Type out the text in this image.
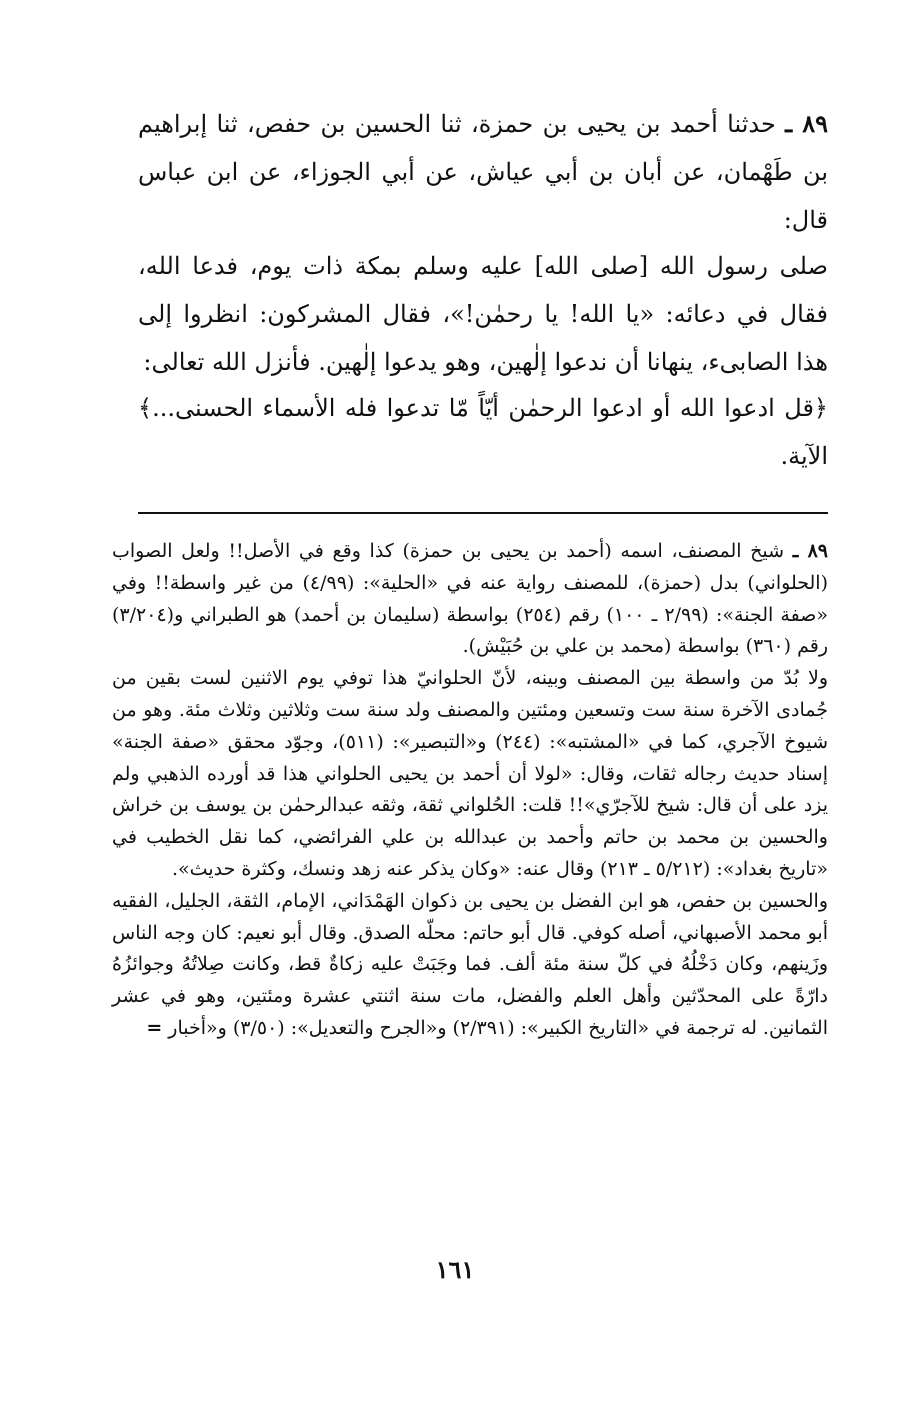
٨٩ ـ حدثنا أحمد بن يحيى بن حمزة، ثنا الحسين بن حفص، ثنا إبراهيم بن طَهْمان، عن أبان بن أبي عياش، عن أبي الجوزاء، عن ابن عباس قال:

صلى رسول الله [صلى الله] عليه وسلم بمكة ذات يوم، فدعا الله، فقال في دعائه: «يا الله! يا رحمٰن!»، فقال المشركون: انظروا إلى هذا الصابىء، ينهانا أن ندعوا إلٰهين، وهو يدعوا إلٰهين. فأنزل الله تعالى:

﴿قل ادعوا الله أو ادعوا الرحمٰن أيّاً مّا تدعوا فله الأسماء الحسنى...﴾ الآية.

٨٩ ـ شيخ المصنف، اسمه (أحمد بن يحيى بن حمزة) كذا وقع في الأصل!! ولعل الصواب (الحلواني) بدل (حمزة)، للمصنف رواية عنه في «الحلية»: (٤/٩٩) من غير واسطة!! وفي «صفة الجنة»: (٢/٩٩ ـ ١٠٠) رقم (٢٥٤) بواسطة (سليمان بن أحمد) هو الطبراني و(٣/٢٠٤) رقم (٣٦٠) بواسطة (محمد بن علي بن حُبَيْش).

ولا بُدّ من واسطة بين المصنف وبينه، لأنّ الحلوانيّ هذا توفي يوم الاثنين لست بقين من جُمادى الآخرة سنة ست وتسعين ومئتين والمصنف ولد سنة ست وثلاثين وثلاث مئة. وهو من شيوخ الآجري، كما في «المشتبه»: (٢٤٤) و«التبصير»: (٥١١)، وجوّد محقق «صفة الجنة» إسناد حديث رجاله ثقات، وقال: «لولا أن أحمد بن يحيى الحلواني هذا قد أورده الذهبي ولم يزد على أن قال: شيخ للآجرّي»!! قلت: الحُلواني ثقة، وثقه عبدالرحمٰن بن يوسف بن خراش والحسين بن محمد بن حاتم وأحمد بن عبدالله بن علي الفرائضي، كما نقل الخطيب في «تاريخ بغداد»: (٥/٢١٢ ـ ٢١٣) وقال عنه: «وكان يذكر عنه زهد ونسك، وكثرة حديث».

والحسين بن حفص، هو ابن الفضل بن يحيى بن ذكوان الهَمْدَاني، الإمام، الثقة، الجليل، الفقيه أبو محمد الأصبهاني، أصله كوفي. قال أبو حاتم: محلّه الصدق. وقال أبو نعيم: كان وجه الناس وزَينهم، وكان دَخْلُهُ في كلّ سنة مئة ألف. فما وجَبَتْ عليه زكاةٌ قط، وكانت صِلاتُهُ وجوائزُهُ دارّةً على المحدّثين وأهل العلم والفضل، مات سنة اثنتي عشرة ومئتين، وهو في عشر الثمانين. له ترجمة في «التاريخ الكبير»: (٢/٣٩١) و«الجرح والتعديل»: (٣/٥٠) و«أخبار =

١٦١
